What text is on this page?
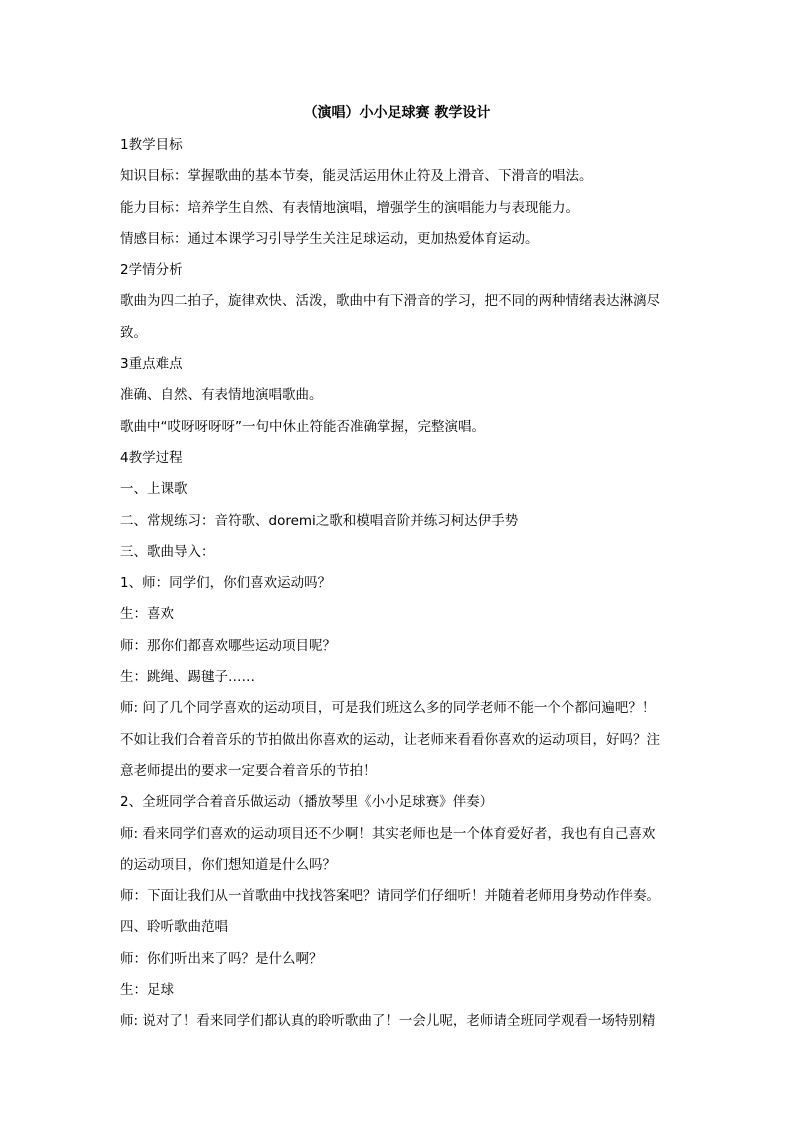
（演唱）小小足球赛 教学设计
1教学目标
知识目标：掌握歌曲的基本节奏，能灵活运用休止符及上滑音、下滑音的唱法。
能力目标：培养学生自然、有表情地演唱，增强学生的演唱能力与表现能力。
情感目标：通过本课学习引导学生关注足球运动，更加热爱体育运动。
2学情分析
歌曲为四二拍子，旋律欢快、活泼，歌曲中有下滑音的学习，把不同的两种情绪表达淋漓尽
致。
3重点难点
准确、自然、有表情地演唱歌曲。
歌曲中“哎呀呀呀呀”一句中休止符能否准确掌握，完整演唱。
4教学过程
一、上课歌
二、常规练习：音符歌、doremi之歌和模唱音阶并练习柯达伊手势
三、歌曲导入：
1、师：同学们，你们喜欢运动吗？
生：喜欢
师：那你们都喜欢哪些运动项目呢？
生：跳绳、踢毽子……
师: 问了几个同学喜欢的运动项目，可是我们班这么多的同学老师不能一个个都问遍吧？！
不如让我们合着音乐的节拍做出你喜欢的运动，让老师来看看你喜欢的运动项目，好吗？注
意老师提出的要求一定要合着音乐的节拍！
2、全班同学合着音乐做运动（播放琴里《小小足球赛》伴奏）
师: 看来同学们喜欢的运动项目还不少啊！其实老师也是一个体育爱好者，我也有自己喜欢
的运动项目，你们想知道是什么吗？
师：下面让我们从一首歌曲中找找答案吧？请同学们仔细听！并随着老师用身势动作伴奏。
四、聆听歌曲范唱
师：你们听出来了吗？是什么啊？
生：足球
师: 说对了！看来同学们都认真的聆听歌曲了！一会儿呢，老师请全班同学观看一场特别精
